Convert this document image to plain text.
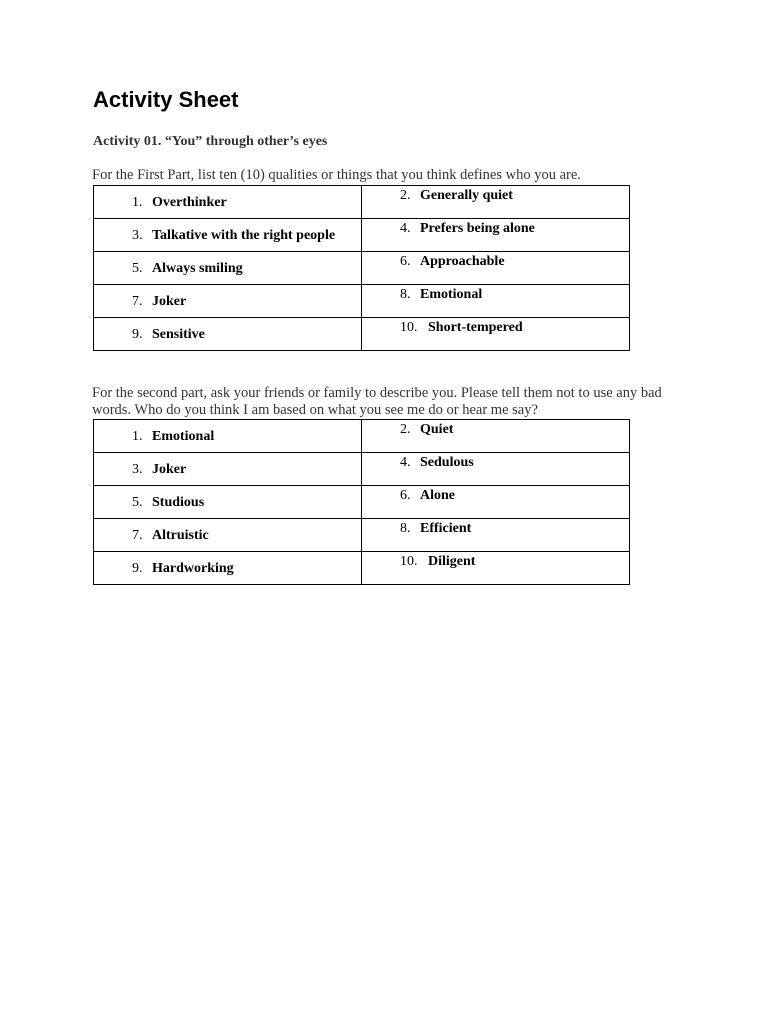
Activity Sheet
Activity 01. “You” through other’s eyes
For the First Part, list ten (10) qualities or things that you think defines who you are.
1. Overthinker	2. Generally quiet

3. Talkative with the right people	4. Prefers being alone

5. Always smiling	6. Approachable

7. Joker	8. Emotional

9. Sensitive	10. Short-tempered
For the second part, ask your friends or family to describe you. Please tell them not to use any bad words. Who do you think I am based on what you see me do or hear me say?
1. Emotional	2. Quiet

3. Joker	4. Sedulous

5. Studious	6. Alone

7. Altruistic	8. Efficient

9. Hardworking	10. Diligent
